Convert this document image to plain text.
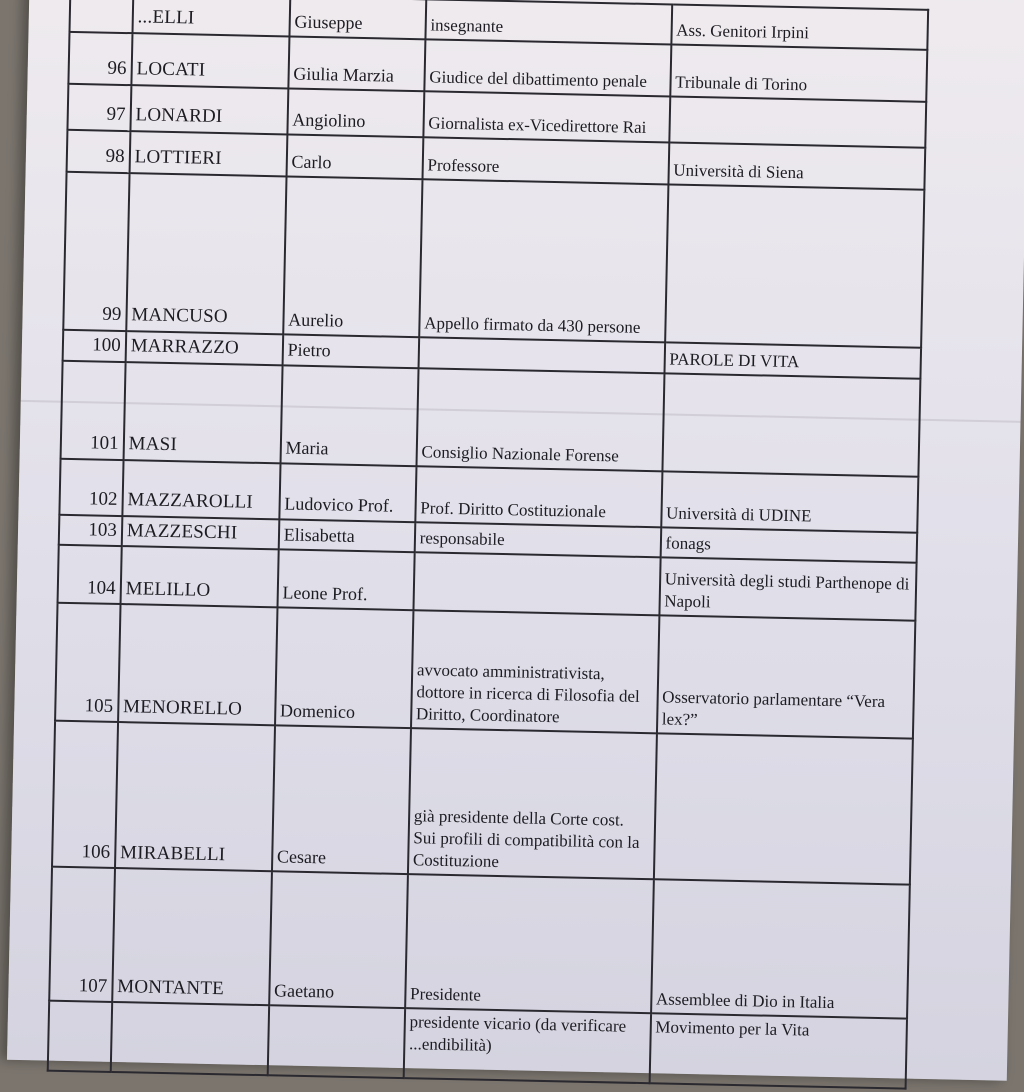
	...ELLI	Giuseppe	insegnante	Ass. Genitori Irpini
96	LOCATI	Giulia Marzia	Giudice del dibattimento penale	Tribunale di Torino
97	LONARDI	Angiolino	Giornalista ex-Vicedirettore Rai	
98	LOTTIERI	Carlo	Professore	Università di Siena
99	MANCUSO	Aurelio	Appello firmato da 430 persone	
100	MARRAZZO	Pietro		PAROLE DI VITA
101	MASI	Maria	Consiglio Nazionale Forense	
102	MAZZAROLLI	Ludovico Prof.	Prof. Diritto Costituzionale	Università di UDINE
103	MAZZESCHI	Elisabetta	responsabile	fonags
104	MELILLO	Leone Prof.		Università degli studi Parthenope di Napoli
105	MENORELLO	Domenico	avvocato amministrativista, dottore in ricerca di Filosofia del Diritto, Coordinatore	Osservatorio parlamentare “Vera lex?”
106	MIRABELLI	Cesare	già presidente della Corte cost.    Sui profili di compatibilità con la Costituzione	
107	MONTANTE	Gaetano	Presidente	Assemblee di Dio in Italia
			presidente vicario (da verificare ...endibilità)	Movimento per la Vita
